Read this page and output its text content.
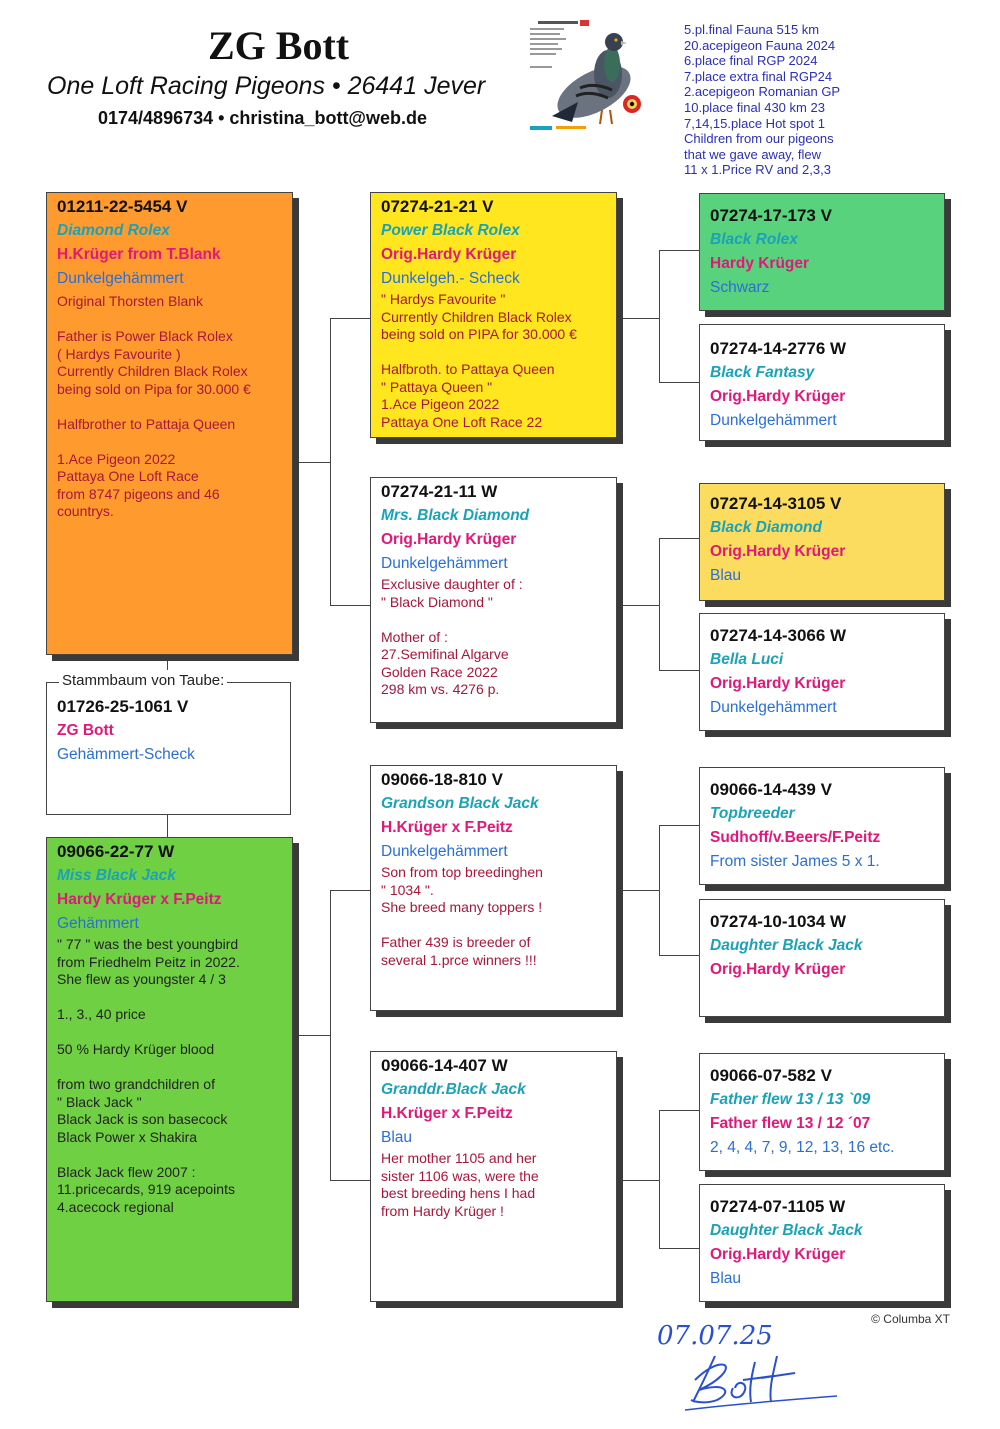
ZG Bott
One Loft Racing Pigeons • 26441 Jever
0174/4896734 • christina_bott@web.de
5.pl.final Fauna 515 km
20.acepigeon Fauna 2024
6.place final RGP 2024
7.place extra final RGP24
2.acepigeon Romanian GP
10.place final 430 km 23
7,14,15.place Hot spot 1
Children from our pigeons
that we gave away, flew
11 x 1.Price RV and 2,3,3
01211-22-5454 V
Diamond Rolex
H.Krüger from T.Blank
Dunkelgehämmert
Original Thorsten Blank

Father is Power Black Rolex
( Hardys Favourite )
Currently Children Black Rolex
being sold on Pipa for 30.000 €

Halfbrother to Pattaja Queen

1.Ace Pigeon 2022
Pattaya One Loft Race
from 8747 pigeons and 46
countrys.
01726-25-1061 V
ZG Bott
Gehämmert-Scheck
Stammbaum von Taube:
09066-22-77 W
Miss Black Jack
Hardy Krüger x F.Peitz
Gehämmert
" 77 " was the best youngbird
from Friedhelm Peitz in 2022.
She flew as youngster 4 / 3

1., 3., 40 price

50 % Hardy Krüger blood

from two grandchildren of
" Black Jack "
Black Jack is son basecock
Black Power x Shakira

Black Jack flew 2007 :
11.pricecards, 919 acepoints
4.acecock regional
07274-21-21 V
Power Black Rolex
Orig.Hardy Krüger
Dunkelgeh.- Scheck
" Hardys Favourite "
Currently Children Black Rolex
being sold on PIPA for 30.000 €

Halfbroth. to Pattaya Queen
" Pattaya Queen "
1.Ace Pigeon 2022
Pattaya One Loft Race 22
07274-21-11 W
Mrs. Black Diamond
Orig.Hardy Krüger
Dunkelgehämmert
Exclusive daughter of :
" Black Diamond "

Mother of :
27.Semifinal Algarve
Golden Race 2022
298 km vs. 4276 p.
09066-18-810 V
Grandson Black Jack
H.Krüger x F.Peitz
Dunkelgehämmert
Son from top breedinghen
" 1034 ".
She breed many toppers !

Father 439 is breeder of
several 1.prce winners !!!
09066-14-407 W
Granddr.Black Jack
H.Krüger x F.Peitz
Blau
Her mother 1105 and her
sister 1106 was, were the
best breeding hens I had
from Hardy Krüger !
07274-17-173 V
Black Rolex
Hardy Krüger
Schwarz
07274-14-2776 W
Black Fantasy
Orig.Hardy Krüger
Dunkelgehämmert
07274-14-3105 V
Black Diamond
Orig.Hardy Krüger
Blau
07274-14-3066 W
Bella Luci
Orig.Hardy Krüger
Dunkelgehämmert
09066-14-439 V
Topbreeder
Sudhoff/v.Beers/F.Peitz
From sister James 5 x 1.
07274-10-1034 W
Daughter Black Jack
Orig.Hardy Krüger
09066-07-582 V
Father flew 13 / 13 `09
Father flew 13 / 12 ´07
2, 4, 4, 7, 9, 12, 13, 16 etc.
07274-07-1105 W
Daughter Black Jack
Orig.Hardy Krüger
Blau
© Columba XT
07.07.25
